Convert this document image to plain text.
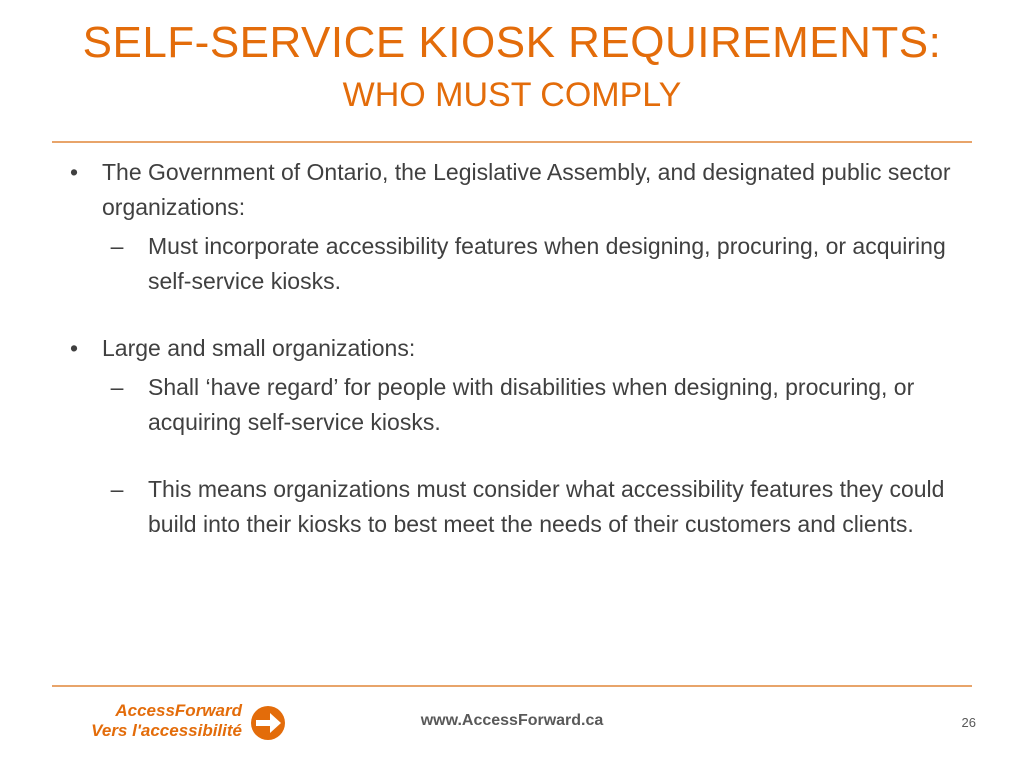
SELF-SERVICE KIOSK REQUIREMENTS:
WHO MUST COMPLY
•	The Government of Ontario, the Legislative Assembly, and designated public sector organizations:
–	Must incorporate accessibility features when designing, procuring, or acquiring self-service kiosks.
•	Large and small organizations:
–	Shall ‘have regard’ for people with disabilities when designing, procuring, or acquiring self-service kiosks.
–	This means organizations must consider what accessibility features they could build into their kiosks to best meet the needs of their customers and clients.
AccessForward
Vers l'accessibilité
www.AccessForward.ca	26
